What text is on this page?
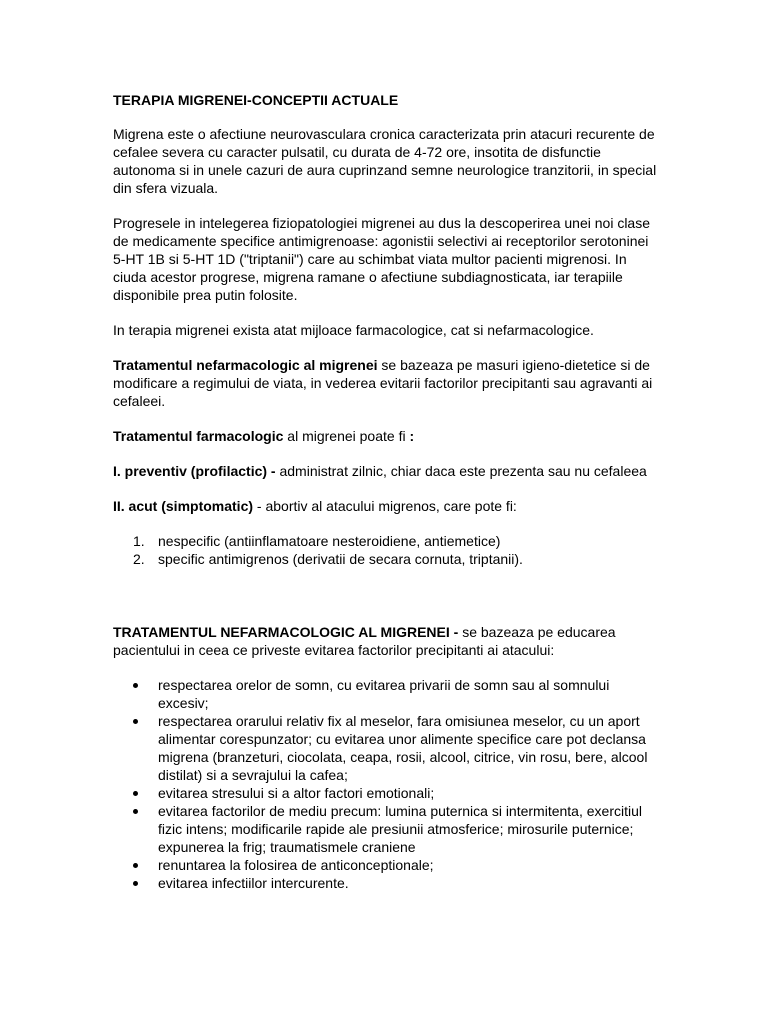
TERAPIA MIGRENEI-CONCEPTII ACTUALE

Migrena este o afectiune neurovasculara cronica caracterizata prin atacuri recurente de cefalee severa cu caracter pulsatil, cu durata de 4-72 ore, insotita de disfunctie autonoma si in unele cazuri de aura cuprinzand semne neurologice tranzitorii, in special din sfera vizuala.

Progresele in intelegerea fiziopatologiei migrenei au dus la descoperirea unei noi clase de medicamente specifice antimigrenoase: agonistii selectivi ai receptorilor serotoninei 5-HT 1B si 5-HT 1D ("triptanii") care au schimbat viata multor pacienti migrenosi. In ciuda acestor progrese, migrena ramane o afectiune subdiagnosticata, iar terapiile disponibile prea putin folosite.

In terapia migrenei exista atat mijloace farmacologice, cat si nefarmacologice.

Tratamentul nefarmacologic al migrenei se bazeaza pe masuri igieno-dietetice si de modificare a regimului de viata, in vederea evitarii factorilor precipitanti sau agravanti ai cefaleei.

Tratamentul farmacologic al migrenei poate fi :

I. preventiv (profilactic) - administrat zilnic, chiar daca este prezenta sau nu cefaleea

II. acut (simptomatic) - abortiv al atacului migrenos, care pote fi:

1. nespecific (antiinflamatoare nesteroidiene, antiemetice)
2. specific antimigrenos (derivatii de secara cornuta, triptanii).

TRATAMENTUL NEFARMACOLOGIC AL MIGRENEI - se bazeaza pe educarea pacientului in ceea ce priveste evitarea factorilor precipitanti ai atacului:

respectarea orelor de somn, cu evitarea privarii de somn sau al somnului excesiv;
respectarea orarului relativ fix al meselor, fara omisiunea meselor, cu un aport alimentar corespunzator; cu evitarea unor alimente specifice care pot declansa migrena (branzeturi, ciocolata, ceapa, rosii, alcool, citrice, vin rosu, bere, alcool distilat) si a sevrajului la cafea;
evitarea stresului si a altor factori emotionali;
evitarea factorilor de mediu precum: lumina puternica si intermitenta, exercitiul fizic intens; modificarile rapide ale presiunii atmosferice; mirosurile puternice; expunerea la frig; traumatismele craniene
renuntarea la folosirea de anticonceptionale;
evitarea infectiilor intercurente.
